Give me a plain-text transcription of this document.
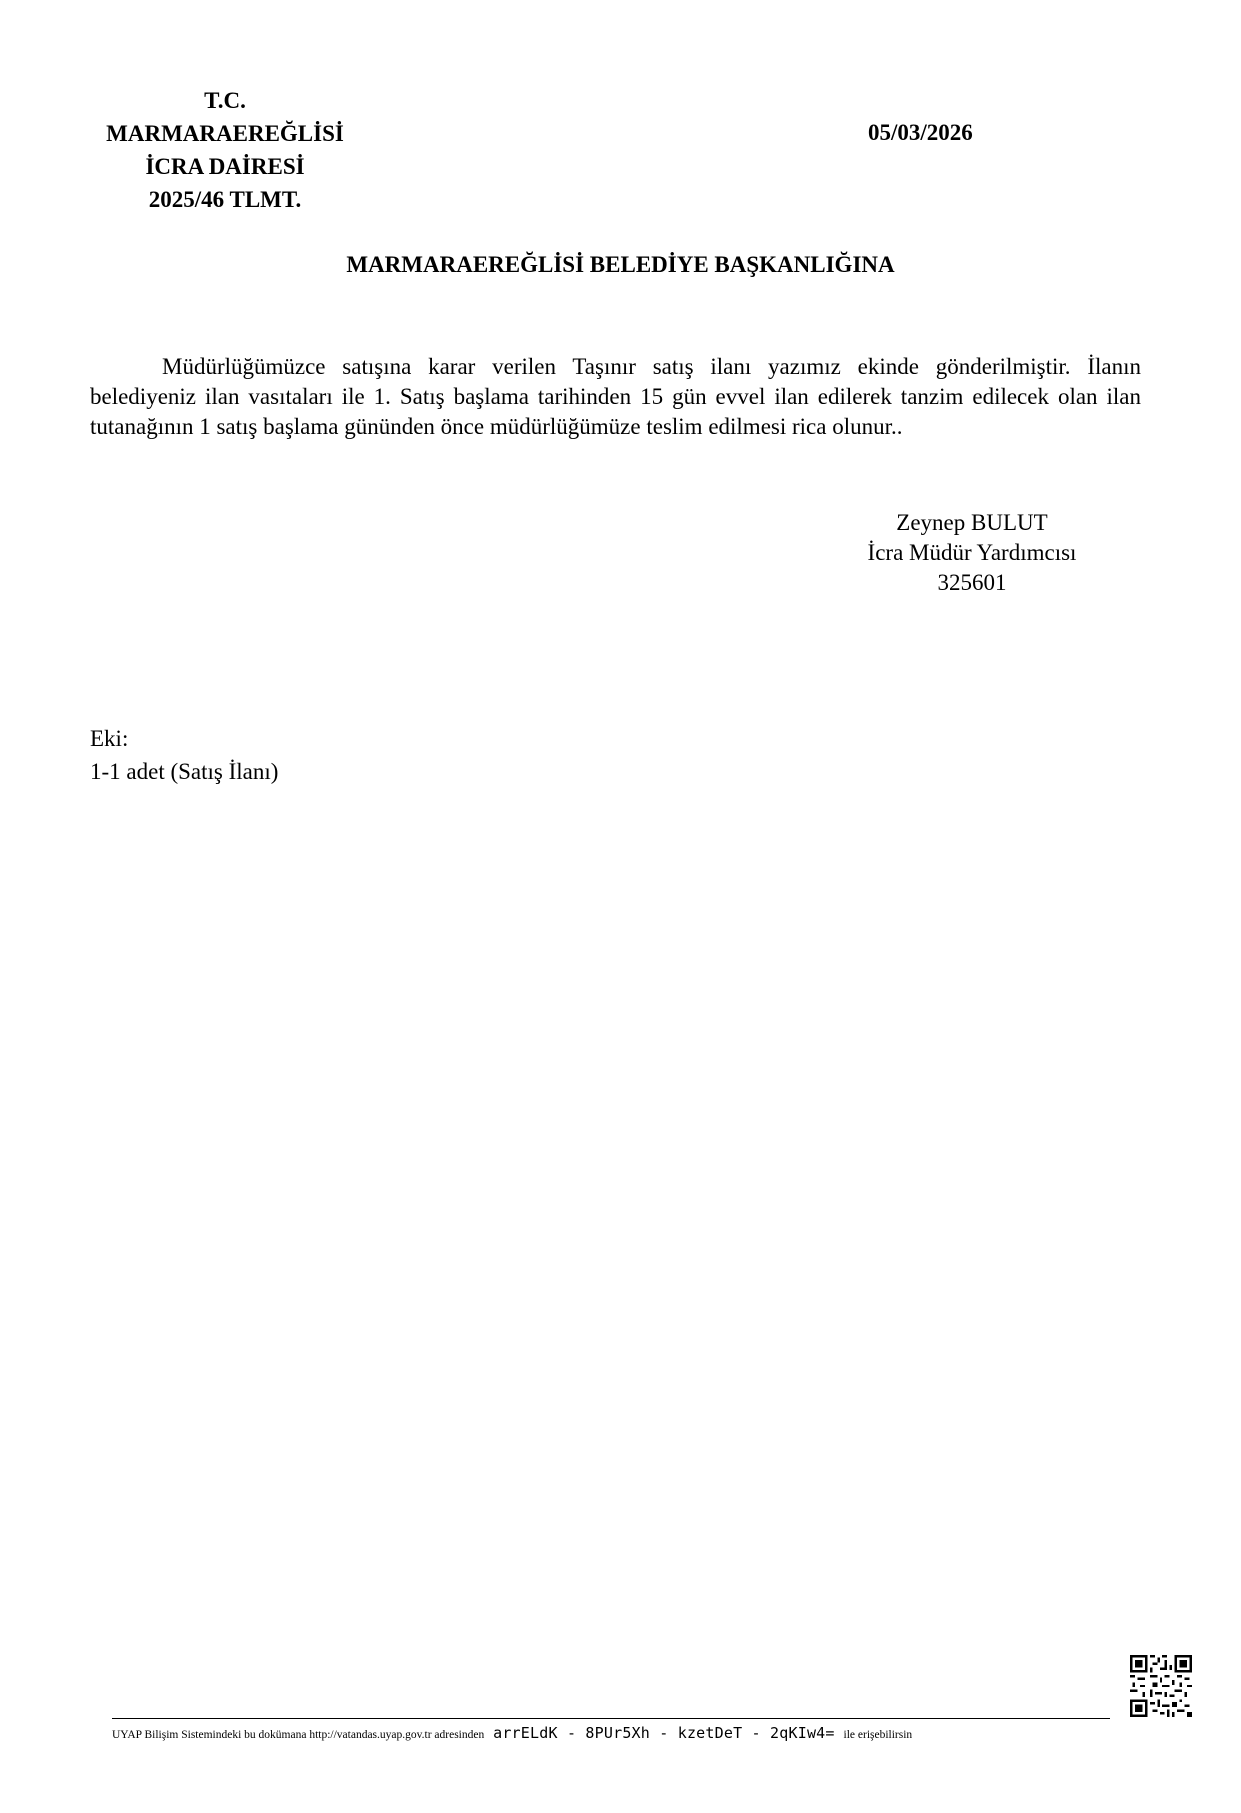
T.C.
MARMARAEREĞLİSİ
İCRA DAİRESİ
2025/46 TLMT.
05/03/2026
MARMARAEREĞLİSİ BELEDİYE BAŞKANLIĞINA
Müdürlüğümüzce satışına karar verilen Taşınır satış ilanı yazımız ekinde gönderilmiştir. İlanın belediyeniz ilan vasıtaları ile 1. Satış başlama tarihinden 15 gün evvel ilan edilerek tanzim edilecek olan ilan tutanağının 1 satış başlama gününden önce müdürlüğümüze teslim edilmesi rica olunur..
Zeynep BULUT
İcra Müdür Yardımcısı
325601
Eki:
1-1 adet (Satış İlanı)
UYAP Bilişim Sistemindeki bu dokümana http://vatandas.uyap.gov.tr adresinden arrELdK - 8PUr5Xh - kzetDeT - 2qKIw4= ile erişebilirsin
